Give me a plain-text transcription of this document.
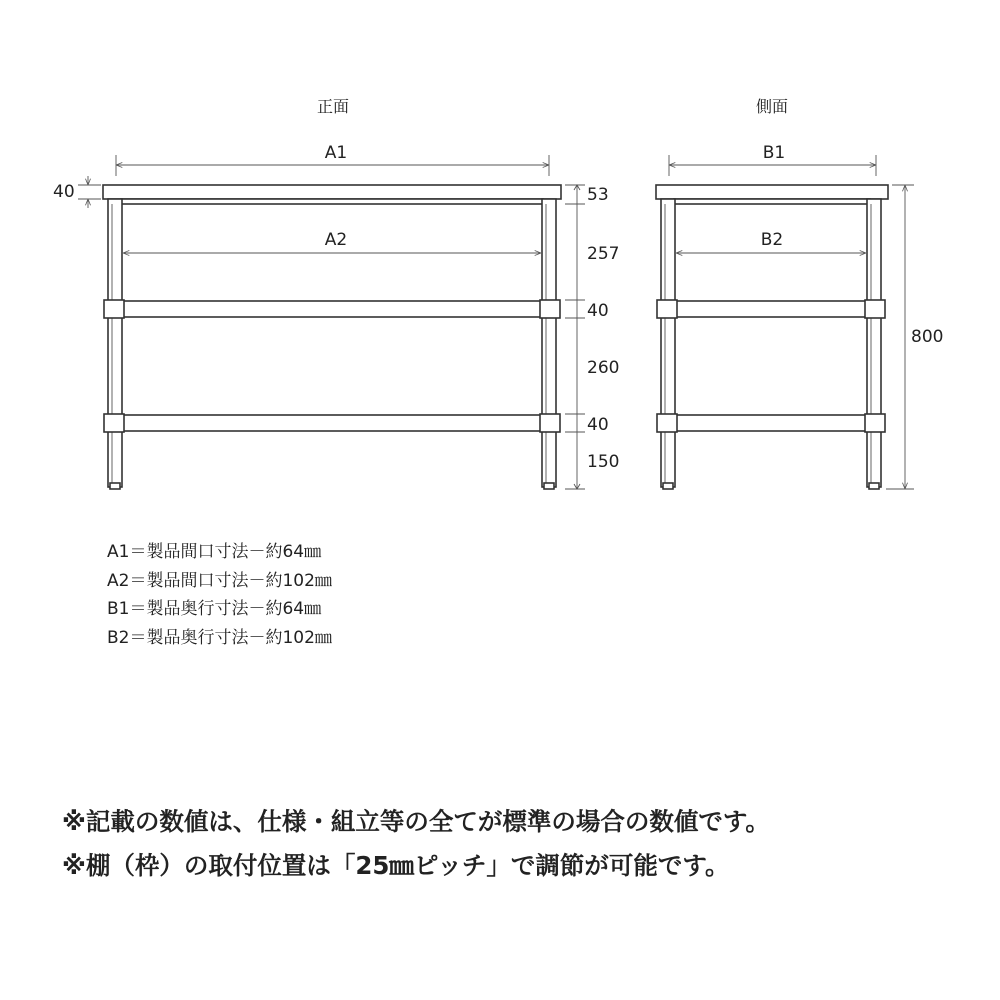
正面
A1
A2
40	53
257
40
260
40
150
側面
B1
B2
800
A1＝製品間口寸法－約64㎜
A2＝製品間口寸法－約102㎜
B1＝製品奥行寸法－約64㎜
B2＝製品奥行寸法－約102㎜
※記載の数値は、仕様・組立等の全てが標準の場合の数値です。
※棚（枠）の取付位置は「25㎜ピッチ」で調節が可能です。
